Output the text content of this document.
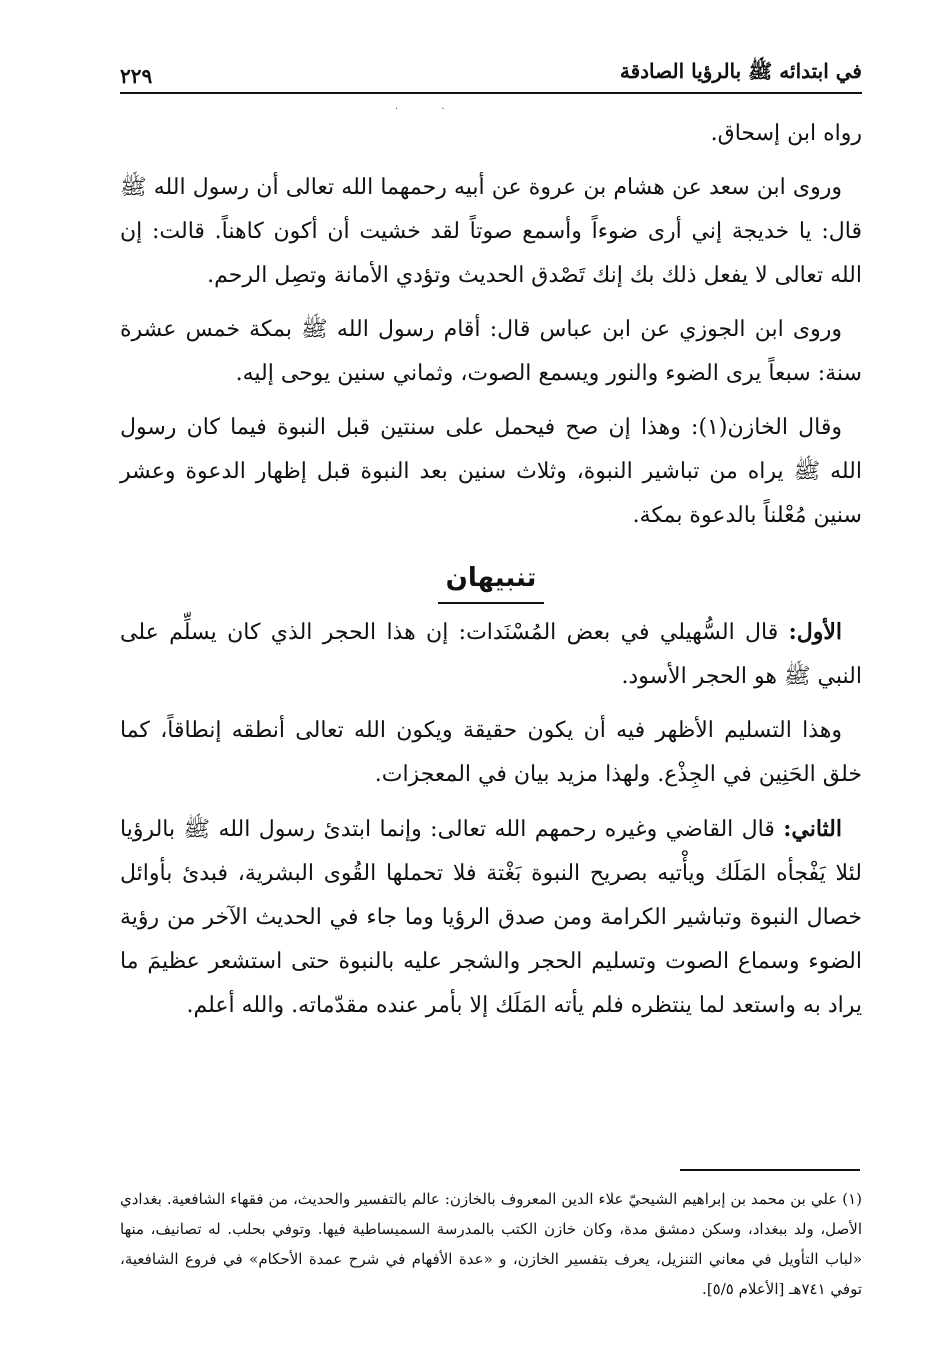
في ابتدائه ﷺ بالرؤيا الصادقة
٢٢٩
· ·

رواه ابن إسحاق.

وروى ابن سعد عن هشام بن عروة عن أبيه رحمهما الله تعالى أن رسول الله ﷺ قال: يا خديجة إني أرى ضوءاً وأسمع صوتاً لقد خشيت أن أكون كاهناً. قالت: إن الله تعالى لا يفعل ذلك بك إنك تَصْدق الحديث وتؤدي الأمانة وتصِل الرحم.

وروى ابن الجوزي عن ابن عباس قال: أقام رسول الله ﷺ بمكة خمس عشرة سنة: سبعاً يرى الضوء والنور ويسمع الصوت، وثماني سنين يوحى إليه.

وقال الخازن(١): وهذا إن صح فيحمل على سنتين قبل النبوة فيما كان رسول الله ﷺ يراه من تباشير النبوة، وثلاث سنين بعد النبوة قبل إظهار الدعوة وعشر سنين مُعْلناً بالدعوة بمكة.

تنبيهان

الأول: قال السُّهيلي في بعض المُسْنَدات: إن هذا الحجر الذي كان يسلِّم على النبي ﷺ هو الحجر الأسود.

وهذا التسليم الأظهر فيه أن يكون حقيقة ويكون الله تعالى أنطقه إنطاقاً، كما خلق الحَنِين في الجِذْع. ولهذا مزيد بيان في المعجزات.

الثاني: قال القاضي وغيره رحمهم الله تعالى: وإنما ابتدئ رسول الله ﷺ بالرؤيا لئلا يَفْجأه المَلَك ويأْتيه بصريح النبوة بَغْتة فلا تحملها القُوى البشرية، فبدئ بأوائل خصال النبوة وتباشير الكرامة ومن صدق الرؤيا وما جاء في الحديث الآخر من رؤية الضوء وسماع الصوت وتسليم الحجر والشجر عليه بالنبوة حتى استشعر عظيمَ ما يراد به واستعد لما ينتظره فلم يأته المَلَك إلا بأمر عنده مقدّماته. والله أعلم.

(١) علي بن محمد بن إبراهيم الشيحيّ علاء الدين المعروف بالخازن: عالم بالتفسير والحديث، من فقهاء الشافعية. بغدادي الأصل، ولد ببغداد، وسكن دمشق مدة، وكان خازن الكتب بالمدرسة السميساطية فيها. وتوفي بحلب. له تصانيف، منها «لباب التأويل في معاني التنزيل، يعرف بتفسير الخازن، و «عدة الأفهام في شرح عمدة الأحكام» في فروع الشافعية، توفي ٧٤١هـ [الأعلام ٥/٥].
